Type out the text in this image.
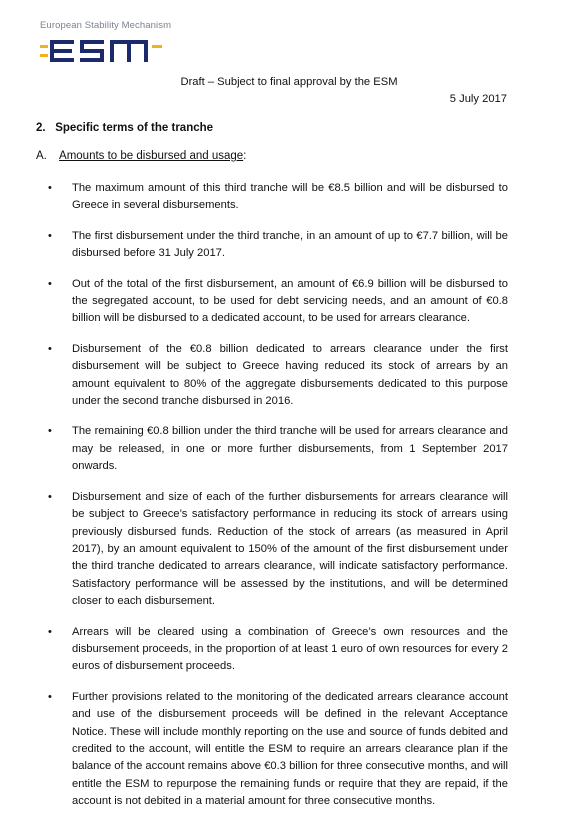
European Stability Mechanism
Draft – Subject to final approval by the ESM
5 July 2017
2. Specific terms of the tranche
A. Amounts to be disbursed and usage:
• The maximum amount of this third tranche will be €8.5 billion and will be disbursed to Greece in several disbursements.
• The first disbursement under the third tranche, in an amount of up to €7.7 billion, will be disbursed before 31 July 2017.
• Out of the total of the first disbursement, an amount of €6.9 billion will be disbursed to the segregated account, to be used for debt servicing needs, and an amount of €0.8 billion will be disbursed to a dedicated account, to be used for arrears clearance.
• Disbursement of the €0.8 billion dedicated to arrears clearance under the first disbursement will be subject to Greece having reduced its stock of arrears by an amount equivalent to 80% of the aggregate disbursements dedicated to this purpose under the second tranche disbursed in 2016.
• The remaining €0.8 billion under the third tranche will be used for arrears clearance and may be released, in one or more further disbursements, from 1 September 2017 onwards.
• Disbursement and size of each of the further disbursements for arrears clearance will be subject to Greece’s satisfactory performance in reducing its stock of arrears using previously disbursed funds. Reduction of the stock of arrears (as measured in April 2017), by an amount equivalent to 150% of the amount of the first disbursement under the third tranche dedicated to arrears clearance, will indicate satisfactory performance. Satisfactory performance will be assessed by the institutions, and will be determined closer to each disbursement.
• Arrears will be cleared using a combination of Greece’s own resources and the disbursement proceeds, in the proportion of at least 1 euro of own resources for every 2 euros of disbursement proceeds.
• Further provisions related to the monitoring of the dedicated arrears clearance account and use of the disbursement proceeds will be defined in the relevant Acceptance Notice. These will include monthly reporting on the use and source of funds debited and credited to the account, will entitle the ESM to require an arrears clearance plan if the balance of the account remains above €0.3 billion for three consecutive months, and will entitle the ESM to repurpose the remaining funds or require that they are repaid, if the account is not debited in a material amount for three consecutive months.
